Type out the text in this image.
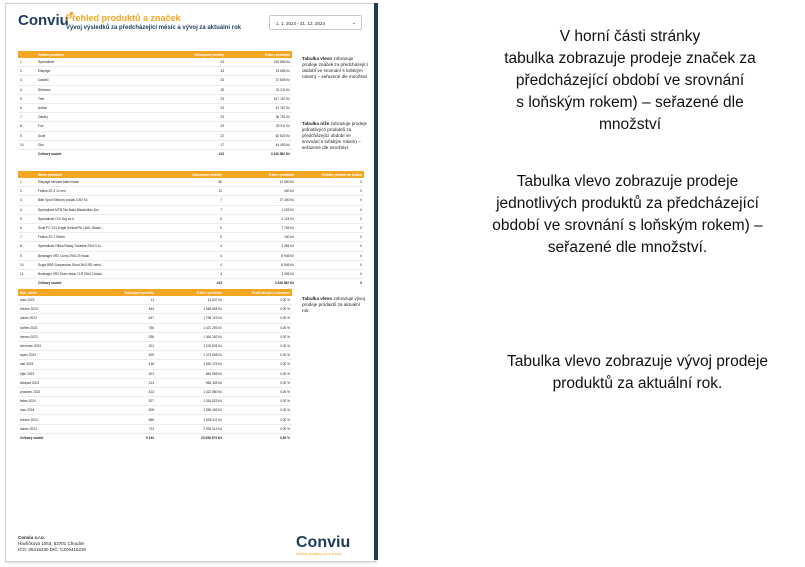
Conviu
Přehled produktů a značek
Vývoj výsledků za předcházející měsíc a vývoj za aktuální rok
1. 1. 2024 - 31. 12. 2024	⌄
	Značka produktu	Zakoupené položky	Tržba z produktu
1.	Specialized	43	216 806 Kč
2.	Ellsprige	43	15 808 Kč
3.	Castelli	33	37 808 Kč
4.	Shimano	25	31 211 Kč
5.	Trek	23	517 157 Kč
6.	Author	23	67 157 Kč
7.	Oakley	23	36 791 Kč
8.	Fox	23	29 311 Kč
9.	Scott	22	62 823 Kč
10.	Giro	17	44 493 Kč
	Celkový součet	413	3 346 562 Kč
	Název produktu	Zakoupené položky	Tržba z produktu	Položky přidané do košíku
1.	Ellsprige serviset kabel black	80	12 800 Kč	0
2.	Feidus ZS 3 1x mm	10	400 Kč	0
3.	Bike Sport Strikový povlak 1000 Kč	7	27 400 Kč	0
4.	Specialized MTB Tan Build Black/silver 1kx	7	1 029 Kč	0
5.	Specialized CGI 1kg ze-it	6	2 124 Kč	0
6.	Scott PC X31 Eagle Hollow/Pin 12kD, Black/...	5	7 745 Kč	0
7.	Feidus ZS 1 50mm	5	100 Kč	0
8.	Specialized Ofliea Ready Tubeline 29x2.0 in...	4	3 384 Kč	0
9.	Bontrager XR2 Comp 29x2.20 black	4	8 946 Kč	0
10.	Sugoi RBS Suspension Short 3b/3 RD velmi...	4	8 946 Kč	0
11.	Bontrager XR2 Team Issue TLR 29x2.2 black	4	3 396 Kč	0
	Celkový součet	413	3 346 562 Kč	0
Rok, měsíc	Zakoupené položky	Tržba z produktu	Podíl nákupu a zobrazení
únor 2023	11	12 647 Kč	0,00 %
březen 2023	484	1 048 804 Kč	0,00 %
duben 2023	647	1 798 123 Kč	0,00 %
květen 2023	756	1 421 293 Kč	0,00 %
červen 2023	536	1 364 162 Kč	0,00 %
červenec 2023	301	1 106 834 Kč	0,00 %
srpen 2023	499	1 373 608 Kč	0,00 %
září 2023	436	1 630 176 Kč	0,00 %
říjen 2023	301	884 908 Kč	0,00 %
listopad 2023	314	966 333 Kč	0,00 %
prosinec 2023	423	1 322 880 Kč	0,00 %
leden 2024	527	1 334 823 Kč	0,00 %
únor 2024	505	1 396 453 Kč	0,00 %
březen 2024	685	1 605 411 Kč	0,00 %
duben 2024	723	2 093 313 Kč	0,00 %
Celkový součet	9 192	23 936 973 Kč	0,00 %
Tabulka vlevo zobrazuje prodeje značek za předcházející období ve srovnání s loňským rokem) – seřazené dle množství
Tabulka níže zobrazuje prodeje jednotlivých produktů za předcházející období ve srovnání s loňským rokem) – seřazené dle množství.
Tabulka vlevo zobrazuje vývoj prodeje produktů za aktuální rok.
Conviu s.r.o.
Havlíčkova 1053, 53701 Chrudim
IČO: 06416230 DIČ: CZ06416230	Conviu
Datové analytiky pro e-shopy
V horní části stránky
tabulka zobrazuje prodeje značek za
předcházející období ve srovnání
s loňským rokem) – seřazené dle
množství
Tabulka vlevo zobrazuje prodeje
jednotlivých produktů za předcházející
období ve srovnání s loňským rokem) –
seřazené dle množství.
Tabulka vlevo zobrazuje vývoj prodeje
produktů za aktuální rok.
